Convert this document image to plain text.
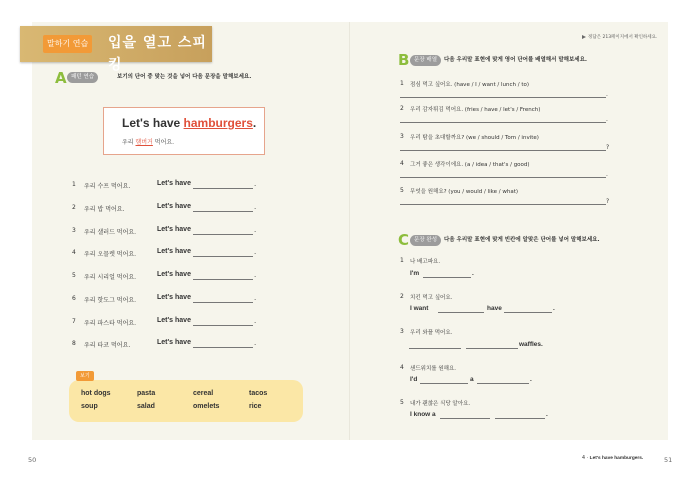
말하기 연습 입을 열고 스피킹
정답은 213페이지에서 확인하세요.
A 패턴 연습	보기의 단어 중 맞는 것을 넣어 다음 문장을 말해보세요.
Let's have hamburgers.
우리 햄버거 먹어요.
1 우리 수프 먹어요.	Let's have	.
2 우리 밥 먹어요.	Let's have	.
3 우리 샐러드 먹어요.	Let's have	.
4 우리 오믈렛 먹어요.	Let's have	.
5 우리 시리얼 먹어요.	Let's have	.
6 우리 핫도그 먹어요.	Let's have	.
7 우리 파스타 먹어요.	Let's have	.
8 우리 타코 먹어요.	Let's have	.
보기
hot dogs	pasta	cereal	tacos
soup	salad	omelets	rice
B 문장 배열	다음 우리말 표현에 맞게 영어 단어를 배열해서 말해보세요.
1 점심 먹고 싶어요. (have / I / want / lunch / to)
.
2 우리 감자튀김 먹어요. (fries / have / let's / French)
.
3 우리 탐을 초대할까요? (we / should / Tom / invite)
?
4 그거 좋은 생각이에요. (a / idea / that's / good)
.
5 무엇을 원해요? (you / would / like / what)
?
C 문장 완성	다음 우리말 표현에 맞게 빈칸에 알맞은 단어를 넣어 말해보세요.
1 나 배고파요.
I'm	.
2 치킨 먹고 싶어요.
I want	have	.
3 우리 와플 먹어요.
waffles.
4 샌드위치를 원해요.
I'd	a	.
5 내가 괜찮은 식당 알아요.
I know a	.
50	4 · Let's have hamburgers.	51
